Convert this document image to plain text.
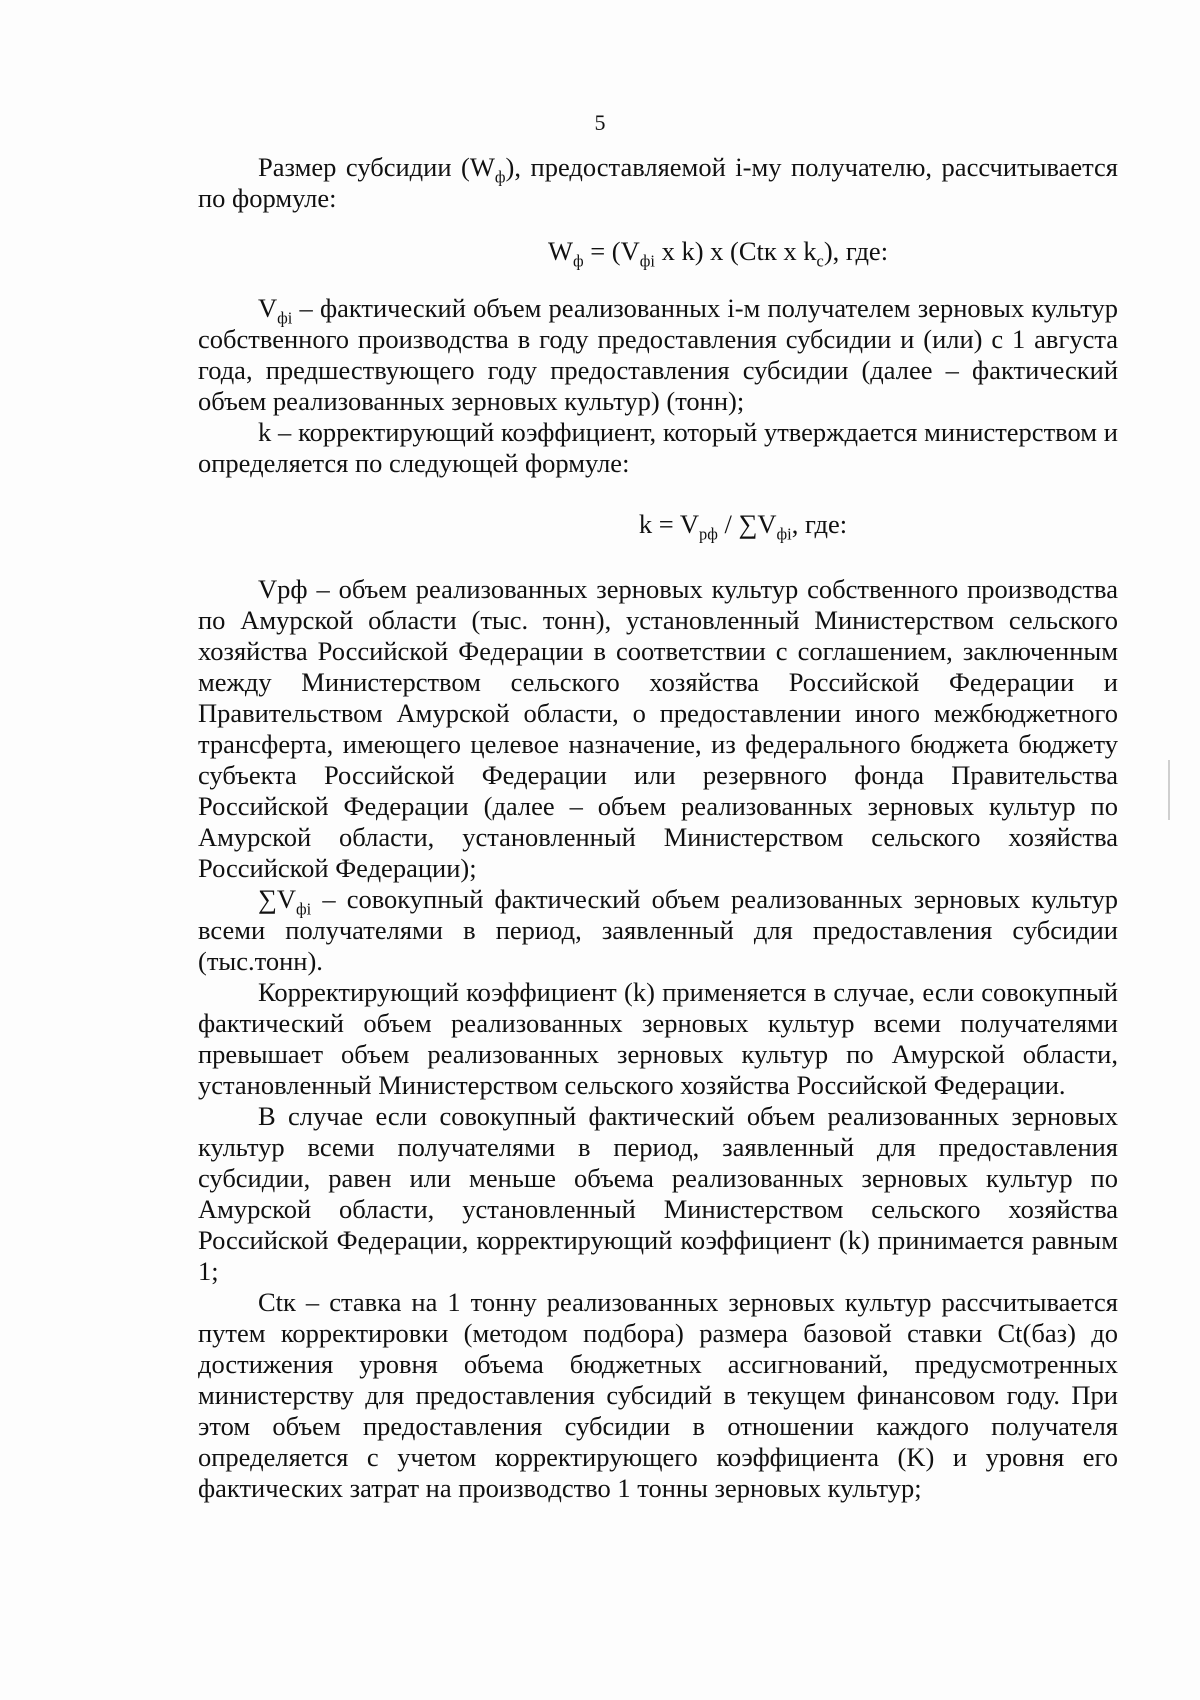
5

Размер субсидии $(W_ф)$, предоставляемой i-му получателю, рассчитывается по формуле:

$W_ф = (V_{фi}$ x k) x (Ctк x $k_c$), где:

$V_{фi}$ – фактический объем реализованных i-м получателем зерновых культур собственного производства в году предоставления субсидии и (или) с 1 августа года, предшествующего году предоставления субсидии (далее – фактический объем реализованных зерновых культур) (тонн);

k – корректирующий коэффициент, который утверждается министерством и определяется по следующей формуле:

$k = V_{рф} / \sum V_{фi}$, где:

Vрф – объем реализованных зерновых культур собственного производства по Амурской области (тыс. тонн), установленный Министерством сельского хозяйства Российской Федерации в соответствии с соглашением, заключенным между Министерством сельского хозяйства Российской Федерации и Правительством Амурской области, о предоставлении иного межбюджетного трансферта, имеющего целевое назначение, из федерального бюджета бюджету субъекта Российской Федерации или резервного фонда Правительства Российской Федерации (далее – объем реализованных зерновых культур по Амурской области, установленный Министерством сельского хозяйства Российской Федерации);

$\sum V_{фi}$ – совокупный фактический объем реализованных зерновых культур всеми получателями в период, заявленный для предоставления субсидии (тыс.тонн).

Корректирующий коэффициент (k) применяется в случае, если совокупный фактический объем реализованных зерновых культур всеми получателями превышает объем реализованных зерновых культур по Амурской области, установленный Министерством сельского хозяйства Российской Федерации.

В случае если совокупный фактический объем реализованных зерновых культур всеми получателями в период, заявленный для предоставления субсидии, равен или меньше объема реализованных зерновых культур по Амурской области, установленный Министерством сельского хозяйства Российской Федерации, корректирующий коэффициент (k) принимается равным 1;

Ctк – ставка на 1 тонну реализованных зерновых культур рассчитывается путем корректировки (методом подбора) размера базовой ставки Ct(баз) до достижения уровня объема бюджетных ассигнований, предусмотренных министерству для предоставления субсидий в текущем финансовом году. При этом объем предоставления субсидии в отношении каждого получателя определяется с учетом корректирующего коэффициента (K) и уровня его фактических затрат на производство 1 тонны зерновых культур;
